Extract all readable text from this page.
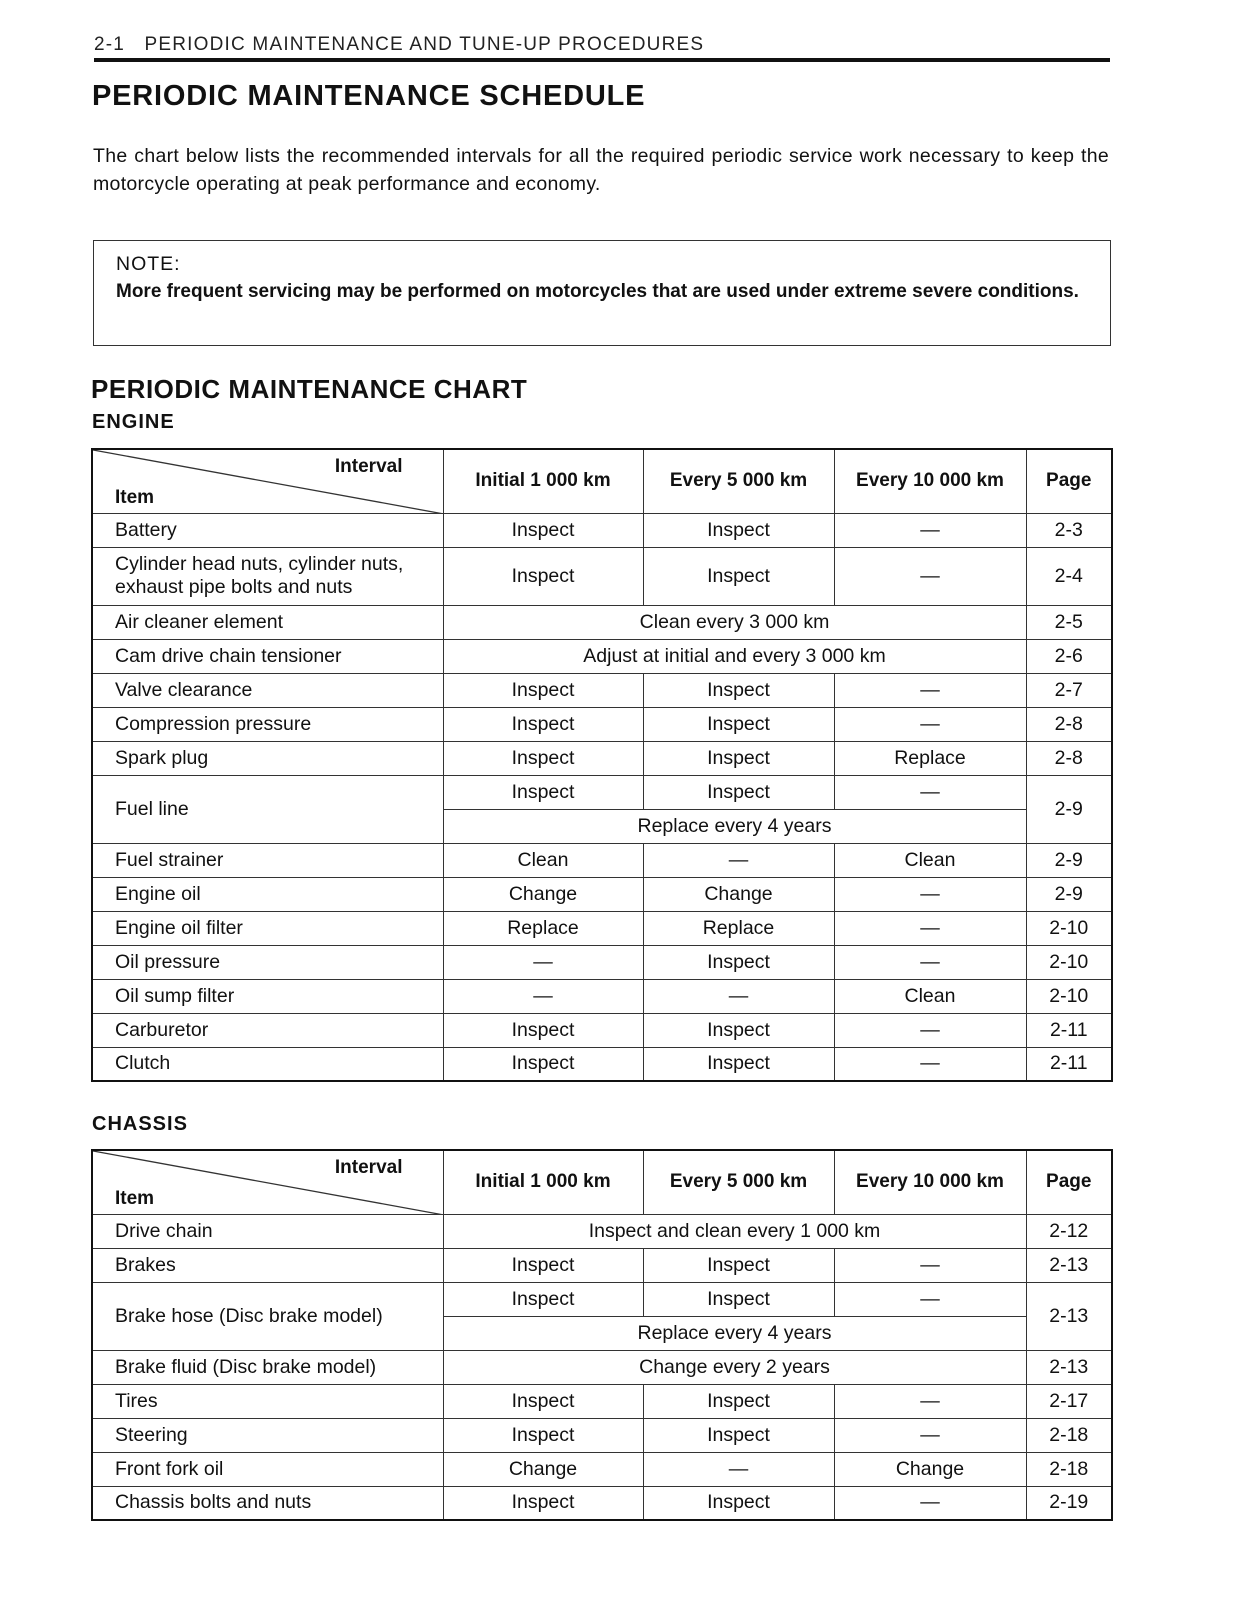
2-1 PERIODIC MAINTENANCE AND TUNE-UP PROCEDURES
PERIODIC MAINTENANCE SCHEDULE

The chart below lists the recommended intervals for all the required periodic service work necessary to keep the motorcycle operating at peak performance and economy.

NOTE:
More frequent servicing may be performed on motorcycles that are used under extreme severe conditions.
PERIODIC MAINTENANCE CHART
ENGINE
Interval
Item	Initial 1 000 km	Every 5 000 km	Every 10 000 km	Page
Battery	Inspect	Inspect	—	2-3
Cylinder head nuts, cylinder nuts, exhaust pipe bolts and nuts	Inspect	Inspect	—	2-4
Air cleaner element	Clean every 3 000 km			2-5
Cam drive chain tensioner	Adjust at initial and every 3 000 km			2-6
Valve clearance	Inspect	Inspect	—	2-7
Compression pressure	Inspect	Inspect	—	2-8
Spark plug	Inspect	Inspect	Replace	2-8
Fuel line	Inspect	Inspect	—	2-9
	Replace every 4 years			
Fuel strainer	Clean	—	Clean	2-9
Engine oil	Change	Change	—	2-9
Engine oil filter	Replace	Replace	—	2-10
Oil pressure	—	Inspect	—	2-10
Oil sump filter	—	—	Clean	2-10
Carburetor	Inspect	Inspect	—	2-11
Clutch	Inspect	Inspect	—	2-11
CHASSIS
Interval
Item	Initial 1 000 km	Every 5 000 km	Every 10 000 km	Page
Drive chain	Inspect and clean every 1 000 km			2-12
Brakes	Inspect	Inspect	—	2-13
Brake hose (Disc brake model)	Inspect	Inspect	—	2-13
	Replace every 4 years			
Brake fluid (Disc brake model)	Change every 2 years			2-13
Tires	Inspect	Inspect	—	2-17
Steering	Inspect	Inspect	—	2-18
Front fork oil	Change	—	Change	2-18
Chassis bolts and nuts	Inspect	Inspect	—	2-19
